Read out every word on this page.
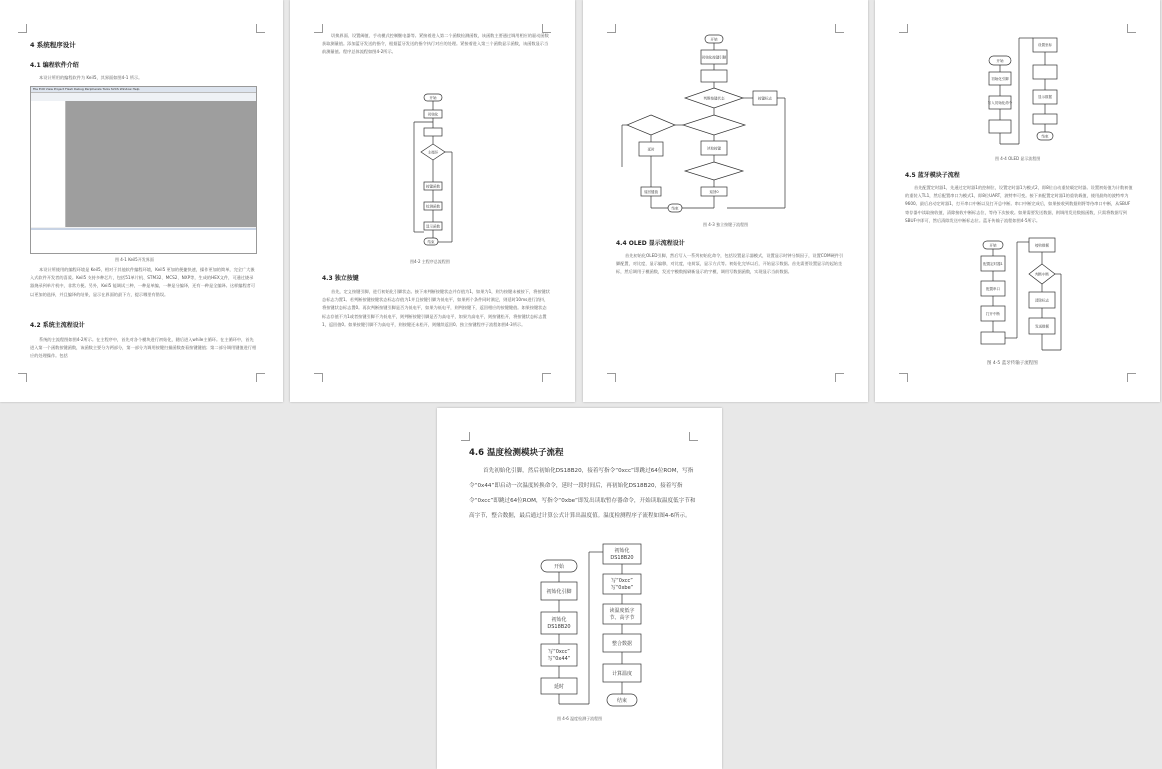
4 系统程序设计
4.1 编程软件介绍
本设计所用的编程软件为 Keil5，其界面如图4-1 所示。
File Edit View Project Flash Debug Peripherals Tools SVCS Window Help
图 4-1 Keil5开发界面
本设计所使用的编程环境是 Keil5，相对于其他软件编程环境，Keil5 更加的便捷快速，操作更加的简单，完全广大嵌入式软件开发者的喜爱。Keil5 支持多种芯片，包括51单片机、STM32、MCS2、NXP等，生成的HEX文件，可通过烧录器烧录到单片机中，非常方便。另外，Keil5 能调试三种，一种是单编，一种是分编译，还有一种是全编译。这样编程者可以更加的选择，并且编译的结果，显示在界面的最下方，提示哪里有错误。
4.2 系统主流程设计
系统的主流程图如图4-2所示。在主程序中，首先对各个模块进行初始化，随后进入while主循环。在主循环中，首先进入第一个函数按键函数，该函数主要分为两部分，第一部分为调用按键扫描函数查看按键键值；第二部分调用键值进行相应的处理操作。包括
切换界面、设置阈值、手动模式控制继电器等。紧接着进入第二个函数检测函数，该函数主要通过调用相应的驱动函数获取测量值。添加蓝牙发送的指令，根据蓝牙发送的指令执行对应的处理。紧接着进入第三个函数显示函数，该函数显示当前测量值。程序总体流程如图4-2所示。
开始
初始化
主循环
按键函数
检测函数
显示函数
结束
图4-2 主程序总流程图
4.3 独立按键
首先，定义按键引脚，进行初始化引脚状态。接下来判断按键状态并存值为1，如果为1，则为按键未被按下，将按键状态标志为置1。若判断按键按键状态标志存值为1并且按键引脚为低电平，如果两个条件同时满足，则延时10ms进行消抖，将按键状态标志置0。再次判断按键引脚是否为低电平，如果为低电平，则判按键下，返回相应的按键键值。如果按键状态标志存值不为1或者按键引脚不为低电平，则判断按键引脚是否为高电平，如果为高电平，则按键松开，将按键状态标志置1，返回值0。如果按键引脚不为高电平，则按键还未松开，则继续返回0。独立按键程序子流程如图4-3所示。
开始
初始化按键引脚
判断按键状态	按键标志
延时	读取按键
返回键值	返回0
结束
图 4-3 独立按键子流程图
4.4 OLED 显示流程设计
首先初始化OLED引脚，然后写入一系列初始化命令，包括设置显示器模式，设置显示时钟分频因子，设置COM硬件引脚配置，对比度，显示偏移，对比度，电荷泵，显示方式等。初始化完毕以后，开始显示数据。首先需要设置显示的起始坐标，然后调用子模函数，发送字模数据刷新显示的字模，调用写数据函数，实现显示当前数据。
开始
初始化引脚
写入初始化命令
设置坐标
显示数据
结束
图 4-4 OLED 显示流程图
4.5 蓝牙模块子流程
首先配置定时器1，先通过定时器1的控制位，设置定时器1为模式2，即8位自动重装载定时器。设置初始值为计数初值的重装入TL1，然后配置串口为模式1，即8位UART，波特率可变。接下来配置定时器1的重装载值，使用最终的波特率为9600。最后启动定时器1，打开串口中断以及打开总中断。串口中断完成后，如果接收到数据则将等待串口中断，从SBUF寄存器中读取接收值，清除接收中断标志位，等待下次接收。如果需要发送数据，则调用发送数据函数，只需将数据写到SBUF中即可，然后清除发送中断标志位。蓝牙传输子流程如图4-5所示。
开始
配置定时器1
配置串口
打开中断
接收数据
判断中断
清除标志
发送数据
图 4-5 蓝牙传输子流程图
4.6 温度检测模块子流程
首先初始化引脚，然后初始化DS18B20，接着写指令“0xcc”即跳过64位ROM，写指令“0x44”即启动一次温度转换命令，延时一段时间后，再初始化DS18B20，接着写指令“0xcc”即跳过64位ROM，写指令“0xbe”即发出读取暂存器命令，开始读取温度低字节和高字节，整合数据，最后通过计算公式计算出温度值。温度检测程序子流程如图4-6所示。
开始
初始化引脚
初始化
DS18B20
写“0xcc”
写“0x44”
延时
初始化
DS18B20
写“0xcc”
写“0xbe”
读温度低字
节、高字节
整合数据
计算温度
结束
图 4-6 温度检测子流程图
